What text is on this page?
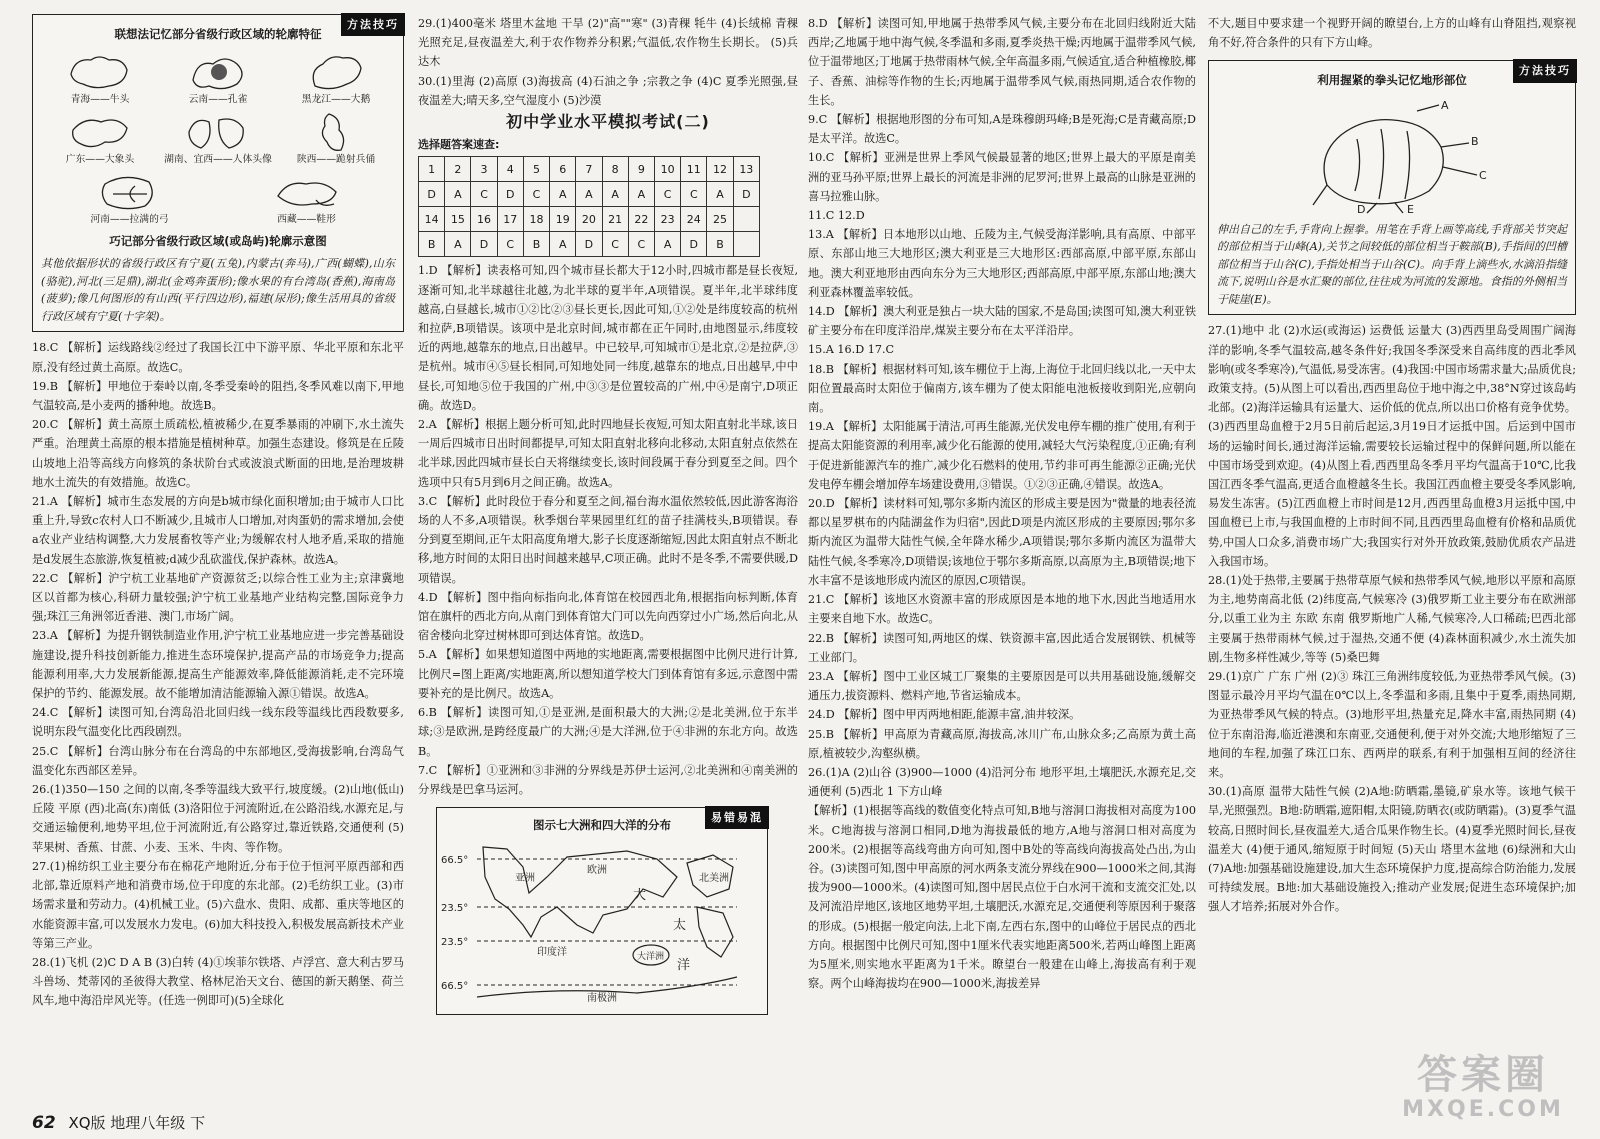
方法技巧
联想法记忆部分省级行政区域的轮廓特征
青海——牛头	云南——孔雀	黑龙江——大鹅
广东——大象头	湖南、宜西——人体头像	陕西——跪射兵俑
河南——拉满的弓	西藏——鞋形
巧记部分省级行政区域(或岛屿)轮廓示意图

其他依据形状的省级行政区有宁夏(五兔),内蒙古(奔马),广西(蝴蝶),山东(骆驼),河北(三足鼎),湖北(金鸡奔蛋形);像水果的有台湾岛(香蕉),海南岛(菠萝);像几何图形的有山西(平行四边形),福建(尿形);像生活用具的省级行政区域有宁夏(十字架)。

18.C 【解析】运线路线②经过了我国长江中下游平原、华北平原和东北平原,没有经过黄土高原。故选C。

19.B 【解析】甲地位于秦岭以南,冬季受秦岭的阻挡,冬季风难以南下,甲地气温较高,是小麦两的播种地。故选B。

20.C 【解析】黄土高原土质疏松,植被稀少,在夏季暴雨的冲刷下,水土流失严重。治理黄土高原的根本措施是植树种草。加强生态建设。修筑是在丘陵山坡地上沿等高线方向修筑的条状阶台式或波浪式断面的田地,是治理坡耕地水土流失的有效措施。故选C。

21.A 【解析】城市生态发展的方向是b城市绿化面积增加;由于城市人口比重上升,导致c农村人口不断减少,且城市人口增加,对肉蛋奶的需求增加,会使a农业产业结构调整,大力发展畜牧等产业;为缓解农村人地矛盾,采取的措施是d发展生态旅游,恢复植被;d减少乱砍滥伐,保护森林。故选A。

22.C 【解析】沪宁杭工业基地矿产资源贫乏;以综合性工业为主;京津冀地区以首都为核心,科研力量较强;沪宁杭工业基地产业结构完整,国际竞争力强;珠江三角洲邻近香港、澳门,市场广阔。

23.A 【解析】为提升钢铁制造业作用,沪宁杭工业基地应进一步完善基础设施建设,提升科技创新能力,推进生态环境保护,提高产品的市场竞争力;提高能源利用率,大力发展新能源,提高生产能源效率,降低能源消耗,走不完环境保护的节约、能源发展。故不能增加清洁能源输入源①错误。故选A。

24.C 【解析】读图可知,台湾岛沿北回归线一线东段等温线比西段数要多,说明东段气温变化比西段剧烈。

25.C 【解析】台湾山脉分布在台湾岛的中东部地区,受海拔影响,台湾岛气温变化东西部区差异。

26.(1)350—150 之间的以南,冬季等温线大致平行,坡度缓。(2)山地(低山) 丘陵 平原 (西)北高(东)南低 (3)洛阳位于河流附近,在公路沿线,水源充足,与交通运输便利,地势平坦,位于河流附近,有公路穿过,靠近铁路,交通便利 (5)苹果树、香蕉、甘蔗、小麦、玉米、牛肉、等作物。

27.(1)棉纺织工业主要分布在棉花产地附近,分布于位于恒河平原西部和西北部,靠近原料产地和消费市场,位于印度的东北部。(2)毛纺织工业。(3)市场需求量和劳动力。(4)机械工业。(5)六盘水、贵阳、成都、重庆等地区的水能资源丰富,可以发展水力发电。(6)加大科技投入,积极发展高新技术产业等第三产业。

28.(1)飞机 (2)C D A B (3)白转 (4)①埃菲尔铁塔、卢浮宫、意大利古罗马斗兽场、梵蒂冈的圣彼得大教堂、格林尼治天文台、德国的新天鹅堡、荷兰风车,地中海沿岸风光等。(任选一例即可)(5)全球化

29.(1)400毫米 塔里木盆地 干旱 (2)"高""寒" (3)青稞 牦牛 (4)长绒棉 青稞 光照充足,昼夜温差大,利于农作物养分积累;气温低,农作物生长期长。 (5)兵达木

30.(1)里海 (2)高原 (3)海拔高 (4)石油之争 ;宗教之争 (4)C 夏季光照强,昼夜温差大;晴天多,空气湿度小 (5)沙漠

初中学业水平模拟考试(二)
选择题答案速查:
1	2	3	4	5	6	7	8	9	10	11	12	13
D	A	C	D	C	A	A	A	A	C	C	A	D
14	15	16	17	18	19	20	21	22	23	24	25	
B	A	D	C	B	A	D	C	C	A	D	B	

1.D 【解析】读表格可知,四个城市昼长都大于12小时,四城市都是昼长夜短,逐渐可知,北半球越往北越,为北半球的夏半年,A项错误。夏半年,北半球纬度越高,白昼越长,城市①②比②③昼长更长,因此可知,①②处是纬度较高的杭州和拉萨,B项错误。该项中是北京时间,城市都在正午同时,由地图显示,纬度较近的两地,越靠东的地点,日出越早。中已较早,可知城市①是北京,②是拉萨,③是杭州。城市④⑤昼长相同,可知地处同一纬度,越靠东的地点,日出越早,中中昼长,可知地⑤位于我国的广州,中③③是位置较高的广州,中④是南宁,D项正确。故选D。

2.A 【解析】根据上题分析可知,此时四地昼长夜短,可知太阳直射北半球,该日一周后四城市日出时间都提早,可知太阳直射北移向北移动,太阳直射点依然在北半球,因此四城市昼长白天将继续变长,该时间段属于春分到夏至之间。四个选项中只有5月到6月之间正确。故选A。

3.C 【解析】此时段位于春分和夏至之间,福台海水温依然较低,因此游客海浴场的人不多,A项错误。秋季烟台苹果园里红红的苗子挂满枝头,B项错误。春分到夏至期间,正午太阳高度角增大,影子长度逐渐缩短,因此太阳直射点不断北移,地方时间的太阳日出时间越来越早,C项正确。此时不是冬季,不需要供暖,D项错误。

4.D 【解析】图中指向标指向北,体育馆在校园西北角,根据指向标判断,体育馆在旗杆的西北方向,从南门到体育馆大门可以先向西穿过小广场,然后向北,从宿舍楼向北穿过树林即可到达体育馆。故选D。

5.A 【解析】如果想知道图中两地的实地距离,需要根据图中比例尺进行计算,比例尺=图上距离/实地距离,所以想知道学校大门到体育馆有多远,示意图中需要补充的是比例尺。故选A。

6.B 【解析】读图可知,①是亚洲,是面积最大的大洲;②是北美洲,位于东半球;③是欧洲,是跨经度最广的大洲;④是大洋洲,位于④非洲的东北方向。故选B。

7.C 【解析】①亚洲和③非洲的分界线是苏伊士运河,②北美洲和④南美洲的分界线是巴拿马运河。

易错易混
图示七大洲和四大洋的分布
66.5°
23.5°
23.5°
66.5°
亚洲
欧洲
北美洲
大
太
洋
印度洋	大洋洲
南极洲

8.D 【解析】读图可知,甲地属于热带季风气候,主要分布在北回归线附近大陆西岸;乙地属于地中海气候,冬季温和多雨,夏季炎热干燥;丙地属于温带季风气候,位于温带地区;丁地属于热带雨林气候,全年高温多雨,气候适宜,适合种植橡胶,椰子、香蕉、油棕等作物的生长;丙地属于温带季风气候,雨热同期,适合农作物的生长。

9.C 【解析】根据地形图的分布可知,A是珠穆朗玛峰;B是死海;C是青藏高原;D是太平洋。故选C。

10.C 【解析】亚洲是世界上季风气候最显著的地区;世界上最大的平原是南美洲的亚马孙平原;世界上最长的河流是非洲的尼罗河;世界上最高的山脉是亚洲的喜马拉雅山脉。

11.C 12.D

13.A 【解析】日本地形以山地、丘陵为主,气候受海洋影响,具有高原、中部平原、东部山地三大地形区;澳大利亚是三大地形区:西部高原,中部平原,东部山地。澳大利亚地形由西向东分为三大地形区;西部高原,中部平原,东部山地;澳大利亚森林覆盖率较低。

14.D 【解析】澳大利亚是独占一块大陆的国家,不是岛国;读图可知,澳大利亚铁矿主要分布在印度洋沿岸,煤炭主要分布在太平洋沿岸。

15.A 16.D 17.C

18.B 【解析】根据材料可知,该车棚位于上海,上海位于北回归线以北,一天中太阳位置最高时太阳位于偏南方,该车棚为了使太阳能电池板接收到阳光,应朝向南。

19.A 【解析】太阳能属于清洁,可再生能源,光伏发电停车棚的推广使用,有利于提高太阳能资源的利用率,减少化石能源的使用,减轻大气污染程度,①正确;有利于促进新能源汽车的推广,减少化石燃料的使用,节约非可再生能源②正确;光伏发电停车棚会增加停车场建设费用,③错误。①②③正确,④错误。故选A。

20.D 【解析】读材料可知,鄂尔多斯内流区的形成主要是因为"微量的地表径流都以星罗棋布的内陆湖盆作为归宿",因此D项是内流区形成的主要原因;鄂尔多斯内流区为温带大陆性气候,全年降水稀少,A项错误;鄂尔多斯内流区为温带大陆性气候,冬季寒冷,D项错误;该地位于鄂尔多斯高原,以高原为主,B项错误;地下水丰富不是该地形成内流区的原因,C项错误。

21.C 【解析】该地区水资源丰富的形成原因是本地的地下水,因此当地适用水主要来自地下水。故选C。

22.B 【解析】读图可知,两地区的煤、铁资源丰富,因此适合发展钢铁、机械等工业部门。

23.A 【解析】图中工业区城工厂聚集的主要原因是可以共用基础设施,缓解交通压力,拔资源料、燃料产地,节省运输成本。

24.D 【解析】图中甲丙两地相距,能源丰富,油井较深。

25.B 【解析】甲高原为青藏高原,海拔高,冰川广布,山脉众多;乙高原为黄土高原,植被较少,沟壑纵横。

26.(1)A (2)山谷 (3)900—1000 (4)沿河分布 地形平坦,土壤肥沃,水源充足,交通便利 (5)西北 1 下方山峰

【解析】(1)根据等高线的数值变化特点可知,B地与溶洞口海拔相对高度为100米。C地海拔与溶洞口相同,D地为海拔最低的地方,A地与溶洞口相对高度为200米。(2)根据等高线弯曲方向可知,图中B处的等高线向海拔高处凸出,为山谷。(3)读图可知,图中甲高原的河水两条支流分界线在900—1000米之间,其海拔为900—1000米。(4)读图可知,图中居民点位于白水河干流和支流交汇处,以及河流沿岸地区,该地区地势平坦,土壤肥沃,水源充足,交通便利等原因利于聚落的形成。(5)根据一般定向法,上北下南,左西右东,图中的山峰位于居民点的西北方向。根据图中比例尺可知,图中1厘米代表实地距离500米,若两山峰图上距离为5厘米,则实地水平距离为1千米。瞭望台一般建在山峰上,海拔高有利于观察。两个山峰海拔均在900—1000米,海拔差异

不大,题目中要求建一个视野开阔的瞭望台,上方的山峰有山脊阻挡,观察视角不好,符合条件的只有下方山峰。

方法技巧
利用握紧的拳头记忆地形部位
A
B
C
D	E

伸出自己的左手,手背向上握拳。用笔在手背上画等高线,手背部关节突起的部位相当于山峰(A),关节之间较低的部位相当于鞍部(B),手指间的凹槽部位相当于山谷(C),手指处相当于山谷(C)。向手背上滴些水,水滴沿指缝流下,说明山谷是水汇聚的部位,往往成为河流的发源地。食指的外侧相当于陡崖(E)。

27.(1)地中 北 (2)水运(或海运) 运费低 运量大 (3)西西里岛受周围广阔海洋的影响,冬季气温较高,越冬条件好;我国冬季深受来自高纬度的西北季风影响(或冬季寒冷),气温低,易受冻害。(4)我国:中国市场需求量大;品质优良;政策支持。(5)从图上可以看出,西西里岛位于地中海之中,38°N穿过该岛屿北部。(2)海洋运输具有运量大、运价低的优点,所以出口价格有竞争优势。(3)西西里岛血橙于2月5日前后起运,3月19日才运抵中国。后运到中国市场的运输时间长,通过海洋运输,需要较长运输过程中的保鲜问题,所以能在中国市场受到欢迎。(4)从图上看,西西里岛冬季月平均气温高于10℃,比我国江西冬季气温高,更适合血橙越冬生长。我国江西血橙主要受冬季风影响,易发生冻害。(5)江西血橙上市时间是12月,西西里岛血橙3月运抵中国,中国血橙已上市,与我国血橙的上市时间不同,且西西里岛血橙有价格和品质优势,中国人口众多,消费市场广大;我国实行对外开放政策,鼓励优质农产品进入我国市场。

28.(1)处于热带,主要属于热带草原气候和热带季风气候,地形以平原和高原为主,地势南高北低 (2)纬度高,气候寒冷 (3)俄罗斯工业主要分布在欧洲部分,以重工业为主 东欧 东南 俄罗斯地广人稀,气候寒冷,人口稀疏;巴西北部主要属于热带雨林气候,过于湿热,交通不便 (4)森林面积减少,水土流失加剧,生物多样性减少,等等 (5)桑巴舞

29.(1)京广 广东 广州 (2)③ 珠江三角洲纬度较低,为亚热带季风气候。(3)图显示最冷月平均气温在0℃以上,冬季温和多雨,且集中于夏季,雨热同期,为亚热带季风气候的特点。(3)地形平坦,热量充足,降水丰富,雨热同期 (4)位于东南沿海,临近港澳和东南亚,交通便利,便于对外交流;大地形缩短了三地间的车程,加强了珠江口东、西两岸的联系,有利于加强相互间的经济往来。

30.(1)高原 温带大陆性气候 (2)A地:防晒霜,墨镜,矿泉水等。该地气候干旱,光照强烈。B地:防晒霜,遮阳帽,太阳镜,防晒衣(或防晒霜)。(3)夏季气温较高,日照时间长,昼夜温差大,适合瓜果作物生长。(4)夏季光照时间长,昼夜温差大 (4)便于通风,缩短原于时间短 (5)天山 塔里木盆地 (6)绿洲和大山 (7)A地:加强基础设施建设,加大生态环境保护力度,提高综合防治能力,发展可持续发展。B地:加大基础设施投入;推动产业发展;促进生态环境保护;加强人才培养;拓展对外合作。

62 XQ版 地理八年级 下
答案圈
MXQE.COM
